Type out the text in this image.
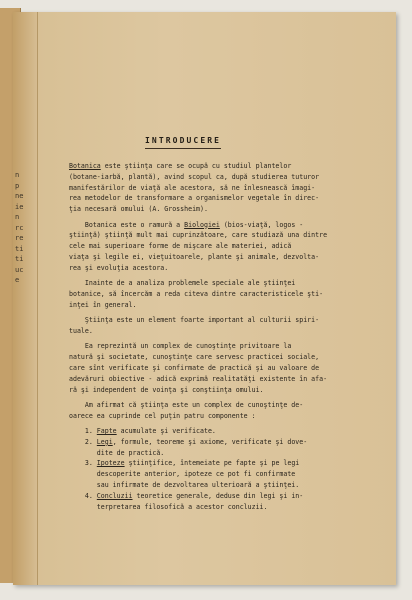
n
p
ne
ie
n
rc
re
ti
ti
uc
e
INTRODUCERE
Botanica este ştiinţa care se ocupă cu studiul plantelor
(botane-iarbă, plantă), avind scopul ca, după studierea tuturor
manifestărilor de viaţă ale acestora, să ne înlesnească îmagi-
rea metodelor de transformare a organismelor vegetale în direc-
ţia necesară omului (A. Grossheim).
Botanica este o ramură a Biologiei (bios-viaţă, logos -
ştiinţă) ştiinţă mult mai cuprinzătoare, care studiază una dintre
cele mai superioare forme de mişcare ale materiei, adică
viaţa şi legile ei, vieţuitoarele, plante şi animale, dezvolta-
rea şi evoluţia acestora.
Inainte de a analiza problemele speciale ale ştiinţei
botanice, să încercăm a reda citeva dintre caracteristicele şti-
inţei în general.
Ştiinţa este un element foarte important al culturii spiri-
tuale.
Ea reprezintă un complex de cunoştinţe privitoare la
natură şi societate, cunoştinţe care servesc practicei sociale,
care sînt verificate şi confirmate de practică şi au valoare de
adevăruri obiective - adică exprimă realitatăţi existente în afa-
ră şi independent de voinţa şi conştiinţa omului.
Am afirmat că ştiinţa este un complex de cunoştinţe de-
oarece ea cuprinde cel puţin patru componente :
1. Fapte acumulate şi verificate.
2. Legi, formule, teoreme şi axiome, verificate şi dove-
dite de practică.
3. Ipoteze ştiinţifice, întemeiate pe fapte şi pe legi
descoperite anterior, ipoteze ce pot fi confirmate
sau infirmate de dezvoltarea ulterioară a ştiinţei.
4. Concluzii teoretice generale, deduse din legi şi in-
terpretarea filosofică a acestor concluzii.
